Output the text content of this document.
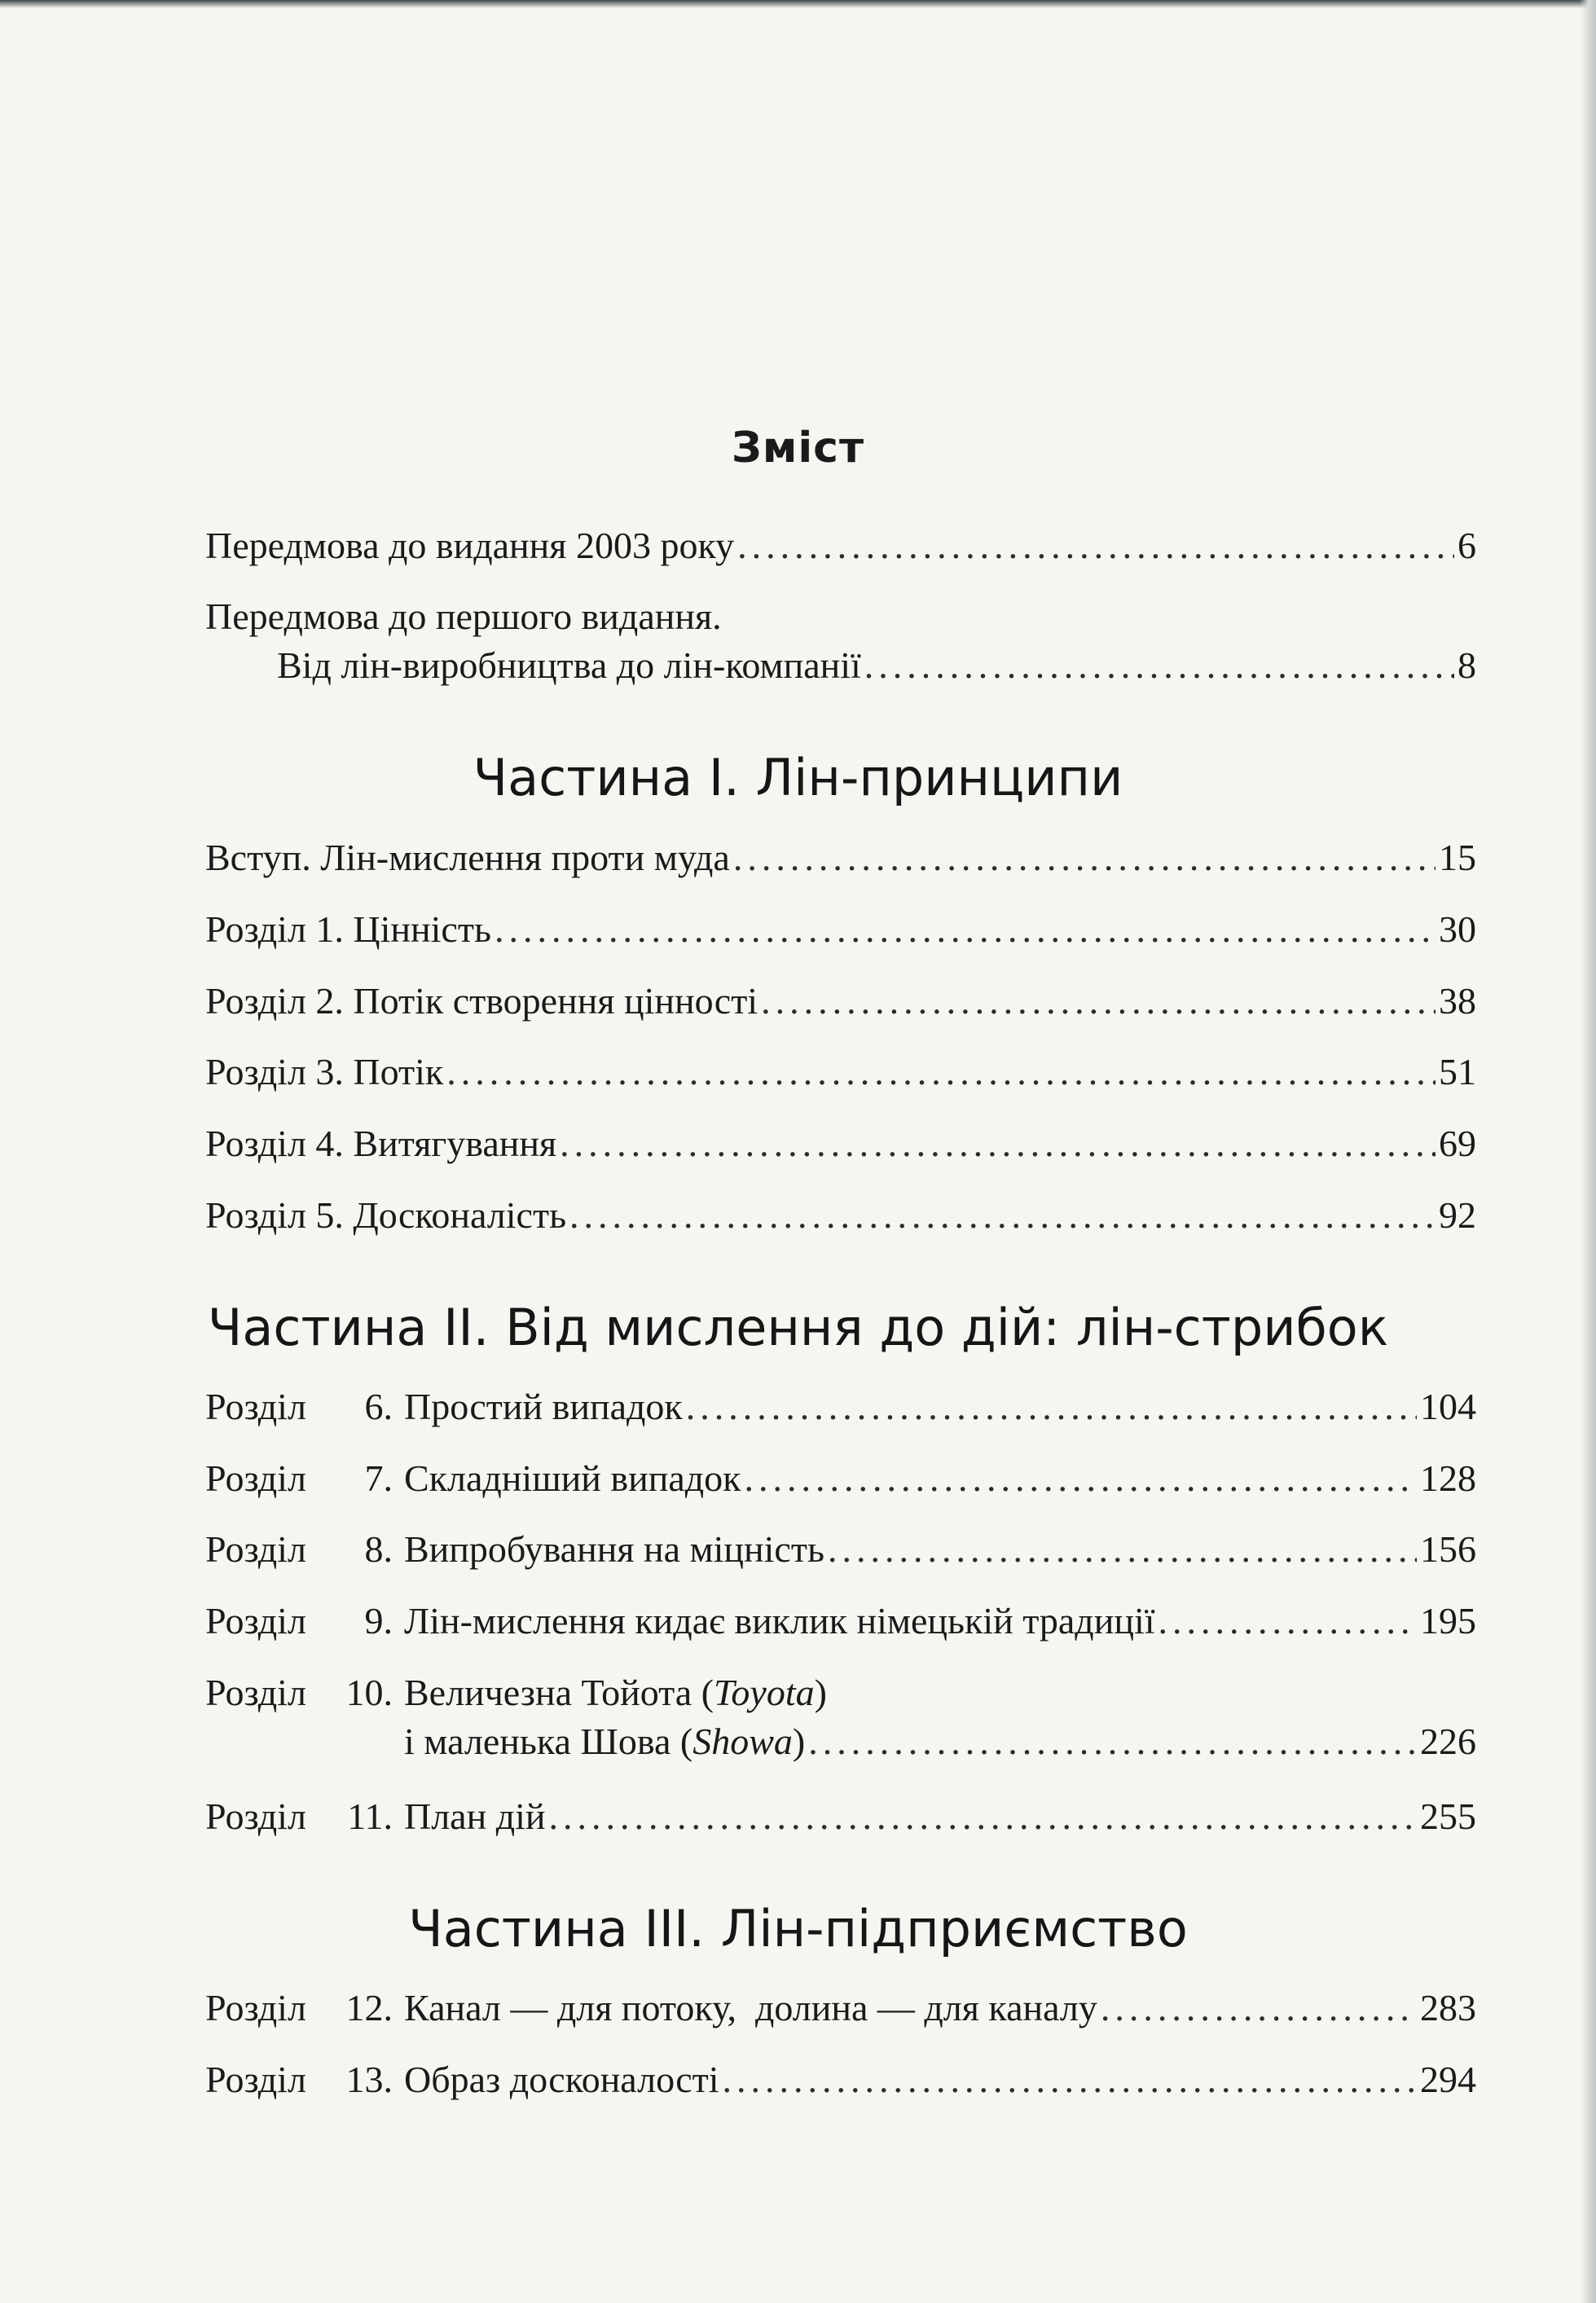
Зміст
Передмова до видання 2003 року .....	6
Передмова до першого видання.
Від лін-виробництва до лін-компанії .....	8
Частина І. Лін-принципи
Вступ. Лін-мислення проти муда .....	15
Розділ 1. Цінність .....	30
Розділ 2. Потік створення цінності .....	38
Розділ 3. Потік .....	51
Розділ 4. Витягування .....	69
Розділ 5. Досконалість .....	92
Частина ІІ. Від мислення до дій: лін-стрибок
Розділ 6. Простий випадок .....	104
Розділ 7. Складніший випадок .....	128
Розділ 8. Випробування на міцність .....	156
Розділ 9. Лін-мислення кидає виклик німецькій традиції .....	195
Розділ 10. Величезна Тойота (Toyota)
і маленька Шова (Showa) .....	226
Розділ 11. План дій .....	255
Частина ІІІ. Лін-підприємство
Розділ 12. Канал — для потоку,  долина — для каналу .....	283
Розділ 13. Образ досконалості .....	294
